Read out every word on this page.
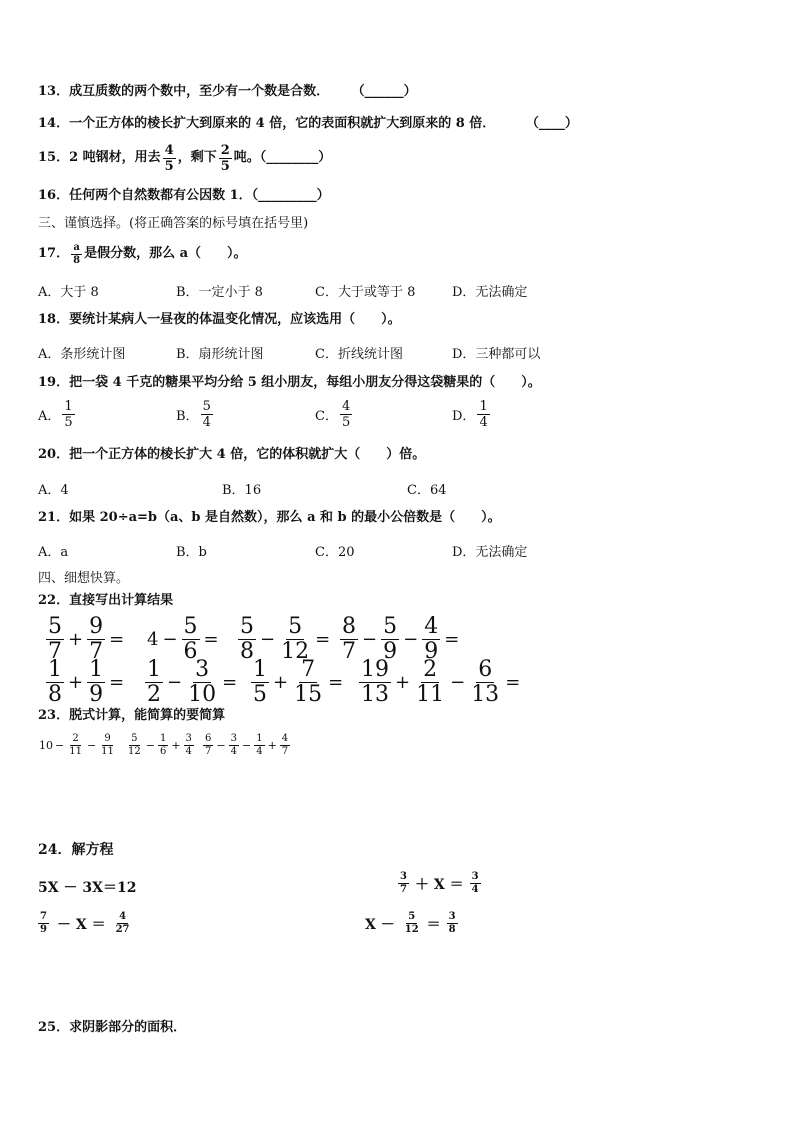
13．成互质数的两个数中，至少有一个数是合数． （______）
14．一个正方体的棱长扩大到原来的 4 倍，它的表面积就扩大到原来的 8 倍． （____）
15． 2 吨钢材，用去 $\frac{4}{5}$ ，剩下 $\frac{2}{5}$ 吨。（________）
16．任何两个自然数都有公因数 1．（_________）
三、谨慎选择。(将正确答案的标号填在括号里)
17． $\frac{a}{8}$ 是假分数，那么 a（　　）。
A．大于 8	B．一定小于 8	C．大于或等于 8	D．无法确定
18．要统计某病人一昼夜的体温变化情况，应该选用（　　）。
A．条形统计图	B．扇形统计图	C．折线统计图	D．三种都可以
19．把一袋 4 千克的糖果平均分给 5 组小朋友，每组小朋友分得这袋糖果的（　　）。
A． $\frac{1}{5}$	B． $\frac{5}{4}$	C． $\frac{4}{5}$	D． $\frac{1}{4}$
20．把一个正方体的棱长扩大 4 倍，它的体积就扩大（　　）倍。
A．4	B．16	C．64
21．如果 20÷a=b（a、b 是自然数），那么 a 和 b 的最小公倍数是（　　）。
A．a	B．b	C．20	D．无法确定
四、细想快算。
22．直接写出计算结果
$\frac{5}{7} + \frac{9}{7} = 4 - \frac{5}{6} = \frac{5}{8} - \frac{5}{12} = \frac{8}{7} - \frac{5}{9} - \frac{4}{9}$ =
$\frac{1}{8} + \frac{1}{9} = \frac{1}{2} - \frac{3}{10} = \frac{1}{5} + \frac{7}{15} = \frac{19}{13} + \frac{2}{11} - \frac{6}{13}$ =
23．脱式计算，能简算的要简算
$10 - \frac{2}{11} - \frac{9}{11} \frac{5}{12} - \frac{1}{6} + \frac{3}{4} \frac{6}{7} - \frac{3}{4} - \frac{1}{4} + \frac{4}{7}$
24．解方程
5X － 3X＝12	$\frac{3}{7} + X = \frac{3}{4}$
$\frac{7}{9} - X = \frac{4}{27}$	$X - \frac{5}{12} = \frac{3}{8}$
25．求阴影部分的面积．
